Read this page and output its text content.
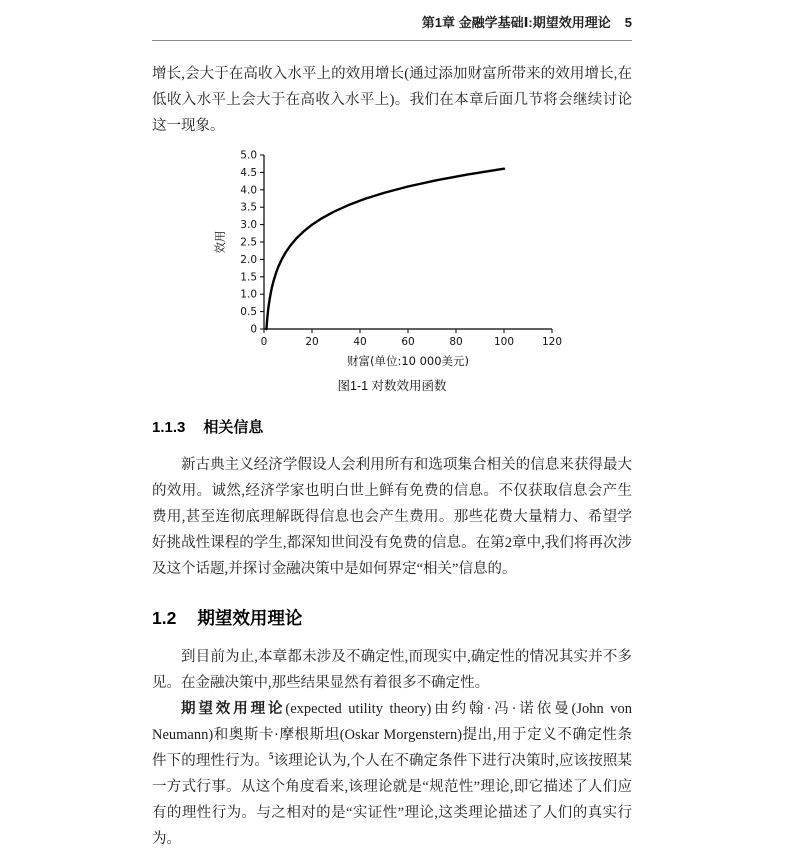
第1章 金融学基础Ⅰ:期望效用理论 5

增长,会大于在高收入水平上的效用增长(通过添加财富所带来的效用增长,在低收入水平上会大于在高收入水平上)。我们在本章后面几节将会继续讨论这一现象。

0
0.5
1.0
1.5
2.0
2.5
3.0
3.5
4.0
4.5
5.0
0	20	40	60	80	100	120
财富(单位:10 000美元)
效用
图1-1 对数效用函数
1.1.3 相关信息

新古典主义经济学假设人会利用所有和选项集合相关的信息来获得最大的效用。诚然,经济学家也明白世上鲜有免费的信息。不仅获取信息会产生费用,甚至连彻底理解既得信息也会产生费用。那些花费大量精力、希望学好挑战性课程的学生,都深知世间没有免费的信息。在第2章中,我们将再次涉及这个话题,并探讨金融决策中是如何界定“相关”信息的。

1.2 期望效用理论

到目前为止,本章都未涉及不确定性,而现实中,确定性的情况其实并不多见。在金融决策中,那些结果显然有着很多不确定性。

期望效用理论(expected utility theory)由约翰·冯·诺依曼(John von Neumann)和奥斯卡·摩根斯坦(Oskar Morgenstern)提出,用于定义不确定性条件下的理性行为。$^5$该理论认为,个人在不确定条件下进行决策时,应该按照某一方式行事。从这个角度看来,该理论就是“规范性”理论,即它描述了人们应有的理性行为。与之相对的是“实证性”理论,这类理论描述了人们的真实行为。
